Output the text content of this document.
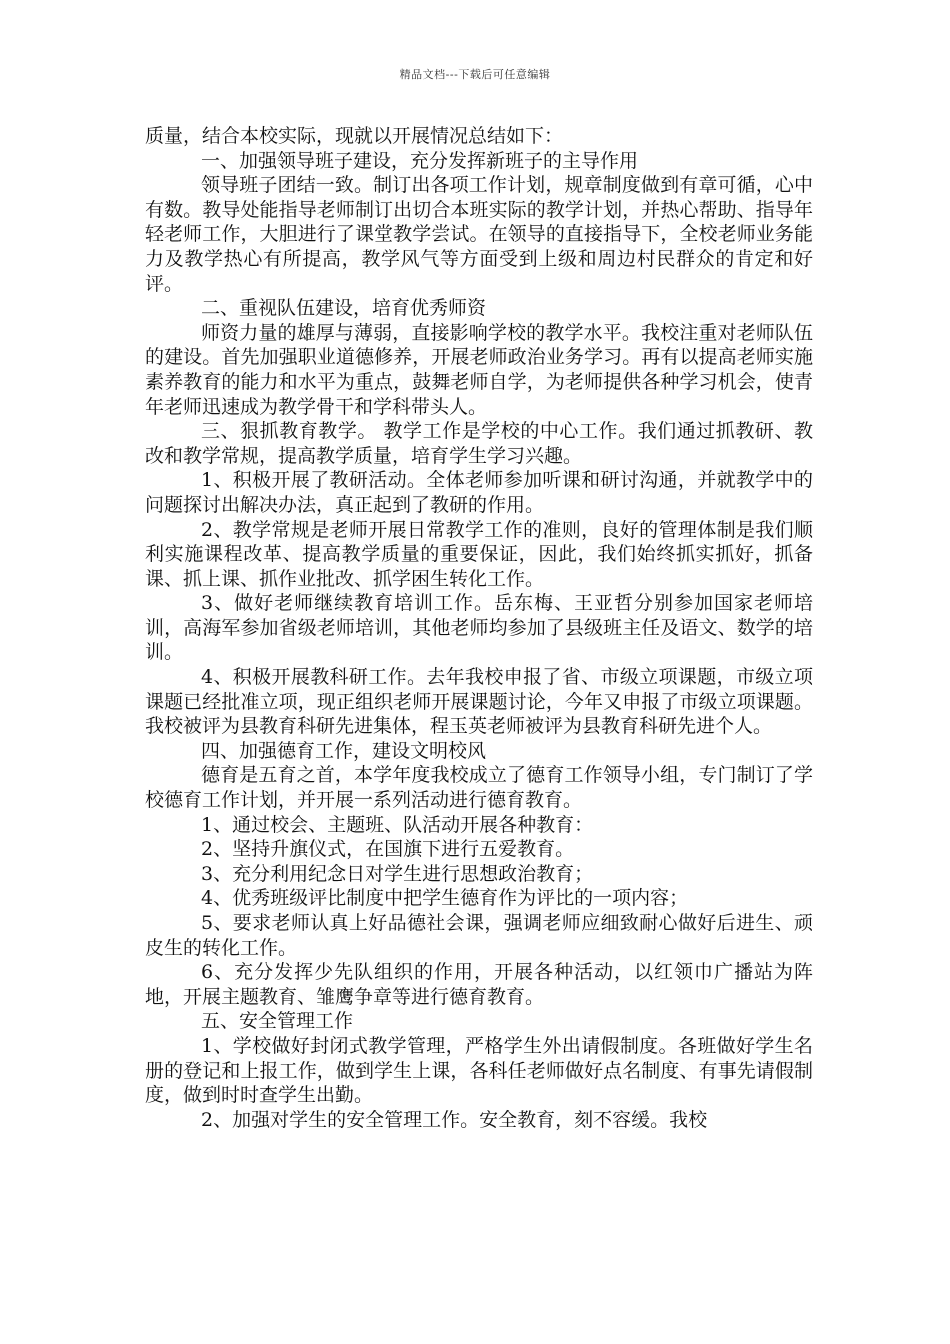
精品文档---下载后可任意编辑

质量，结合本校实际，现就以开展情况总结如下：

一、加强领导班子建设，充分发挥新班子的主导作用

领导班子团结一致。制订出各项工作计划，规章制度做到有章可循，心中有数。教导处能指导老师制订出切合本班实际的教学计划，并热心帮助、指导年轻老师工作，大胆进行了课堂教学尝试。在领导的直接指导下，全校老师业务能力及教学热心有所提高，教学风气等方面受到上级和周边村民群众的肯定和好评。

二、重视队伍建设，培育优秀师资

师资力量的雄厚与薄弱，直接影响学校的教学水平。我校注重对老师队伍的建设。首先加强职业道德修养，开展老师政治业务学习。再有以提高老师实施素养教育的能力和水平为重点，鼓舞老师自学，为老师提供各种学习机会，使青年老师迅速成为教学骨干和学科带头人。

三、狠抓教育教学。 教学工作是学校的中心工作。我们通过抓教研、教改和教学常规，提高教学质量，培育学生学习兴趣。

1、积极开展了教研活动。全体老师参加听课和研讨沟通，并就教学中的问题探讨出解决办法，真正起到了教研的作用。

2、教学常规是老师开展日常教学工作的准则，良好的管理体制是我们顺利实施课程改革、提高教学质量的重要保证，因此，我们始终抓实抓好，抓备课、抓上课、抓作业批改、抓学困生转化工作。

3、做好老师继续教育培训工作。岳东梅、王亚哲分别参加国家老师培训，高海军参加省级老师培训，其他老师均参加了县级班主任及语文、数学的培训。

4、积极开展教科研工作。去年我校申报了省、市级立项课题，市级立项课题已经批准立项，现正组织老师开展课题讨论，今年又申报了市级立项课题。我校被评为县教育科研先进集体，程玉英老师被评为县教育科研先进个人。

四、加强德育工作，建设文明校风

德育是五育之首，本学年度我校成立了德育工作领导小组，专门制订了学校德育工作计划，并开展一系列活动进行德育教育。

1、通过校会、主题班、队活动开展各种教育：

2、坚持升旗仪式，在国旗下进行五爱教育。

3、充分利用纪念日对学生进行思想政治教育；

4、优秀班级评比制度中把学生德育作为评比的一项内容；

5、要求老师认真上好品德社会课，强调老师应细致耐心做好后进生、顽皮生的转化工作。

6、充分发挥少先队组织的作用，开展各种活动，以红领巾广播站为阵地，开展主题教育、雏鹰争章等进行德育教育。

五、安全管理工作

1、学校做好封闭式教学管理，严格学生外出请假制度。各班做好学生名册的登记和上报工作，做到学生上课，各科任老师做好点名制度、有事先请假制度，做到时时查学生出勤。

2、加强对学生的安全管理工作。安全教育，刻不容缓。我校
